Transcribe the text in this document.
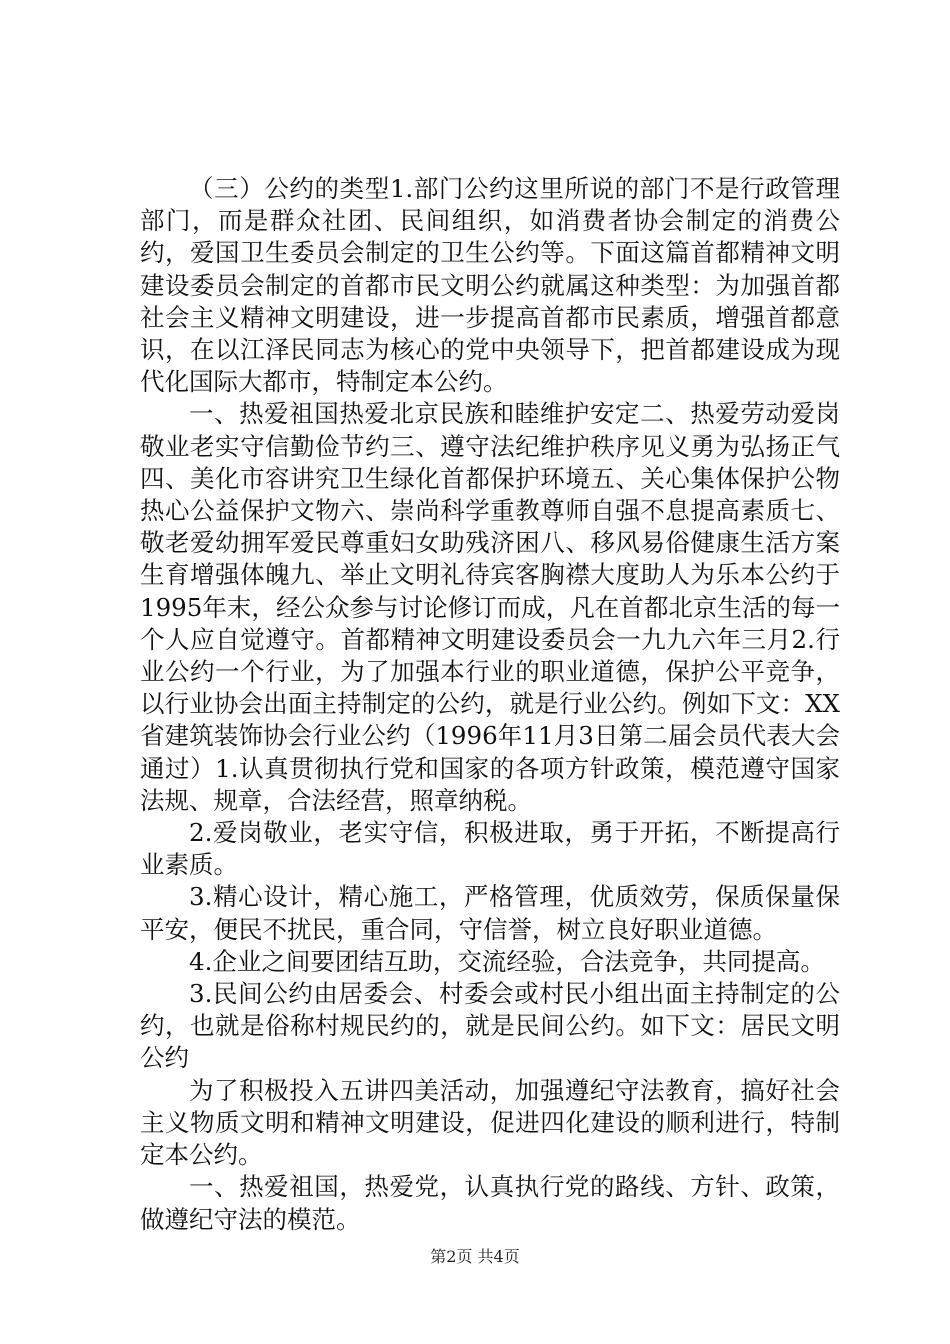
（三）公约的类型1.部门公约这里所说的部门不是行政管理部门，而是群众社团、民间组织，如消费者协会制定的消费公约，爱国卫生委员会制定的卫生公约等。下面这篇首都精神文明建设委员会制定的首都市民文明公约就属这种类型：为加强首都社会主义精神文明建设，进一步提高首都市民素质，增强首都意识，在以江泽民同志为核心的党中央领导下，把首都建设成为现代化国际大都市，特制定本公约。

一、热爱祖国热爱北京民族和睦维护安定二、热爱劳动爱岗敬业老实守信勤俭节约三、遵守法纪维护秩序见义勇为弘扬正气四、美化市容讲究卫生绿化首都保护环境五、关心集体保护公物热心公益保护文物六、崇尚科学重教尊师自强不息提高素质七、敬老爱幼拥军爱民尊重妇女助残济困八、移风易俗健康生活方案生育增强体魄九、举止文明礼待宾客胸襟大度助人为乐本公约于1995年末，经公众参与讨论修订而成，凡在首都北京生活的每一个人应自觉遵守。首都精神文明建设委员会一九九六年三月2.行业公约一个行业，为了加强本行业的职业道德，保护公平竞争，以行业协会出面主持制定的公约，就是行业公约。例如下文：XX省建筑装饰协会行业公约（1996年11月3日第二届会员代表大会通过）1.认真贯彻执行党和国家的各项方针政策，模范遵守国家法规、规章，合法经营，照章纳税。

2.爱岗敬业，老实守信，积极进取，勇于开拓，不断提高行业素质。

3.精心设计，精心施工，严格管理，优质效劳，保质保量保平安，便民不扰民，重合同，守信誉，树立良好职业道德。

4.企业之间要团结互助，交流经验，合法竞争，共同提高。

3.民间公约由居委会、村委会或村民小组出面主持制定的公约，也就是俗称村规民约的，就是民间公约。如下文：居民文明公约

为了积极投入五讲四美活动，加强遵纪守法教育，搞好社会主义物质文明和精神文明建设，促进四化建设的顺利进行，特制定本公约。

一、热爱祖国，热爱党，认真执行党的路线、方针、政策，做遵纪守法的模范。

第2页 共4页
